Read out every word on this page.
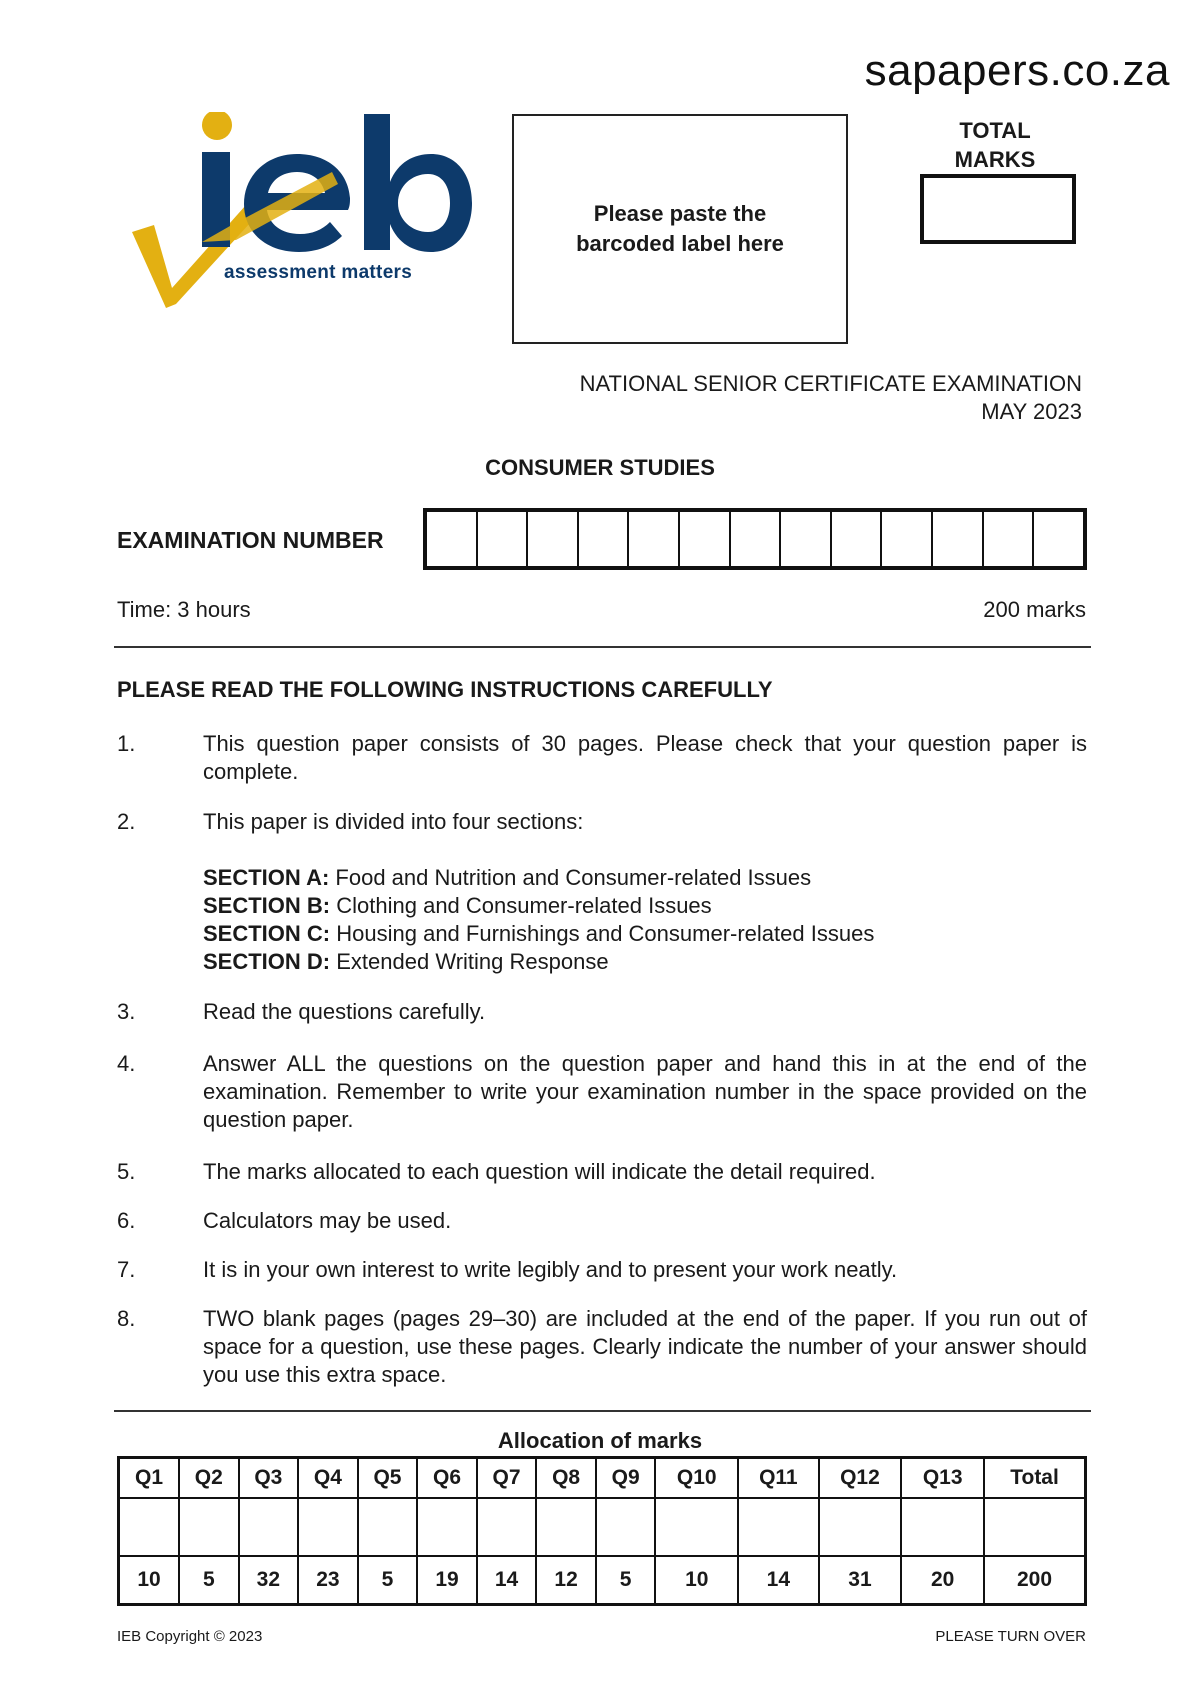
sapapers.co.za
assessment matters
Please paste the
barcoded label here
TOTAL
MARKS
NATIONAL SENIOR CERTIFICATE EXAMINATION
MAY 2023
CONSUMER STUDIES
EXAMINATION NUMBER
Time: 3 hours	200 marks
PLEASE READ THE FOLLOWING INSTRUCTIONS CAREFULLY
1.	This question paper consists of 30 pages. Please check that your question paper is complete.
2.	This paper is divided into four sections:
SECTION A: Food and Nutrition and Consumer-related Issues
SECTION B: Clothing and Consumer-related Issues
SECTION C: Housing and Furnishings and Consumer-related Issues
SECTION D: Extended Writing Response
3.	Read the questions carefully.
4.	Answer ALL the questions on the question paper and hand this in at the end of the examination. Remember to write your examination number in the space provided on the question paper.
5.	The marks allocated to each question will indicate the detail required.
6.	Calculators may be used.
7.	It is in your own interest to write legibly and to present your work neatly.
8.	TWO blank pages (pages 29–30) are included at the end of the paper. If you run out of space for a question, use these pages. Clearly indicate the number of your answer should you use this extra space.
Allocation of marks
Q1	Q2	Q3	Q4	Q5	Q6	Q7	Q8	Q9	Q10	Q11	Q12	Q13	Total

10	5	32	23	5	19	14	12	5	10	14	31	20	200
IEB Copyright © 2023	PLEASE TURN OVER
